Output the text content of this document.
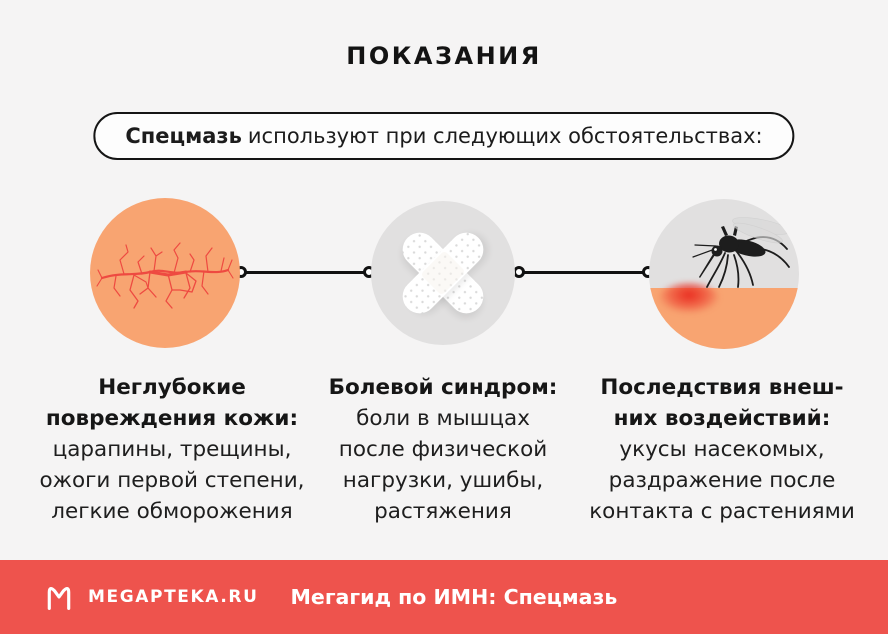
ПОКАЗАНИЯ
Спецмазь используют при следующих обстоятельствах:
Неглубокие
повреждения кожи:
царапины, трещины,
ожоги первой степени,
легкие обморожения
Болевой синдром:
боли в мышцах
после физической
нагрузки, ушибы,
растяжения
Последствия внеш-
них воздействий:
укусы насекомых,
раздражение после
контакта с растениями
MEGAPTEKA.RU Мегагид по ИМН: Спецмазь
